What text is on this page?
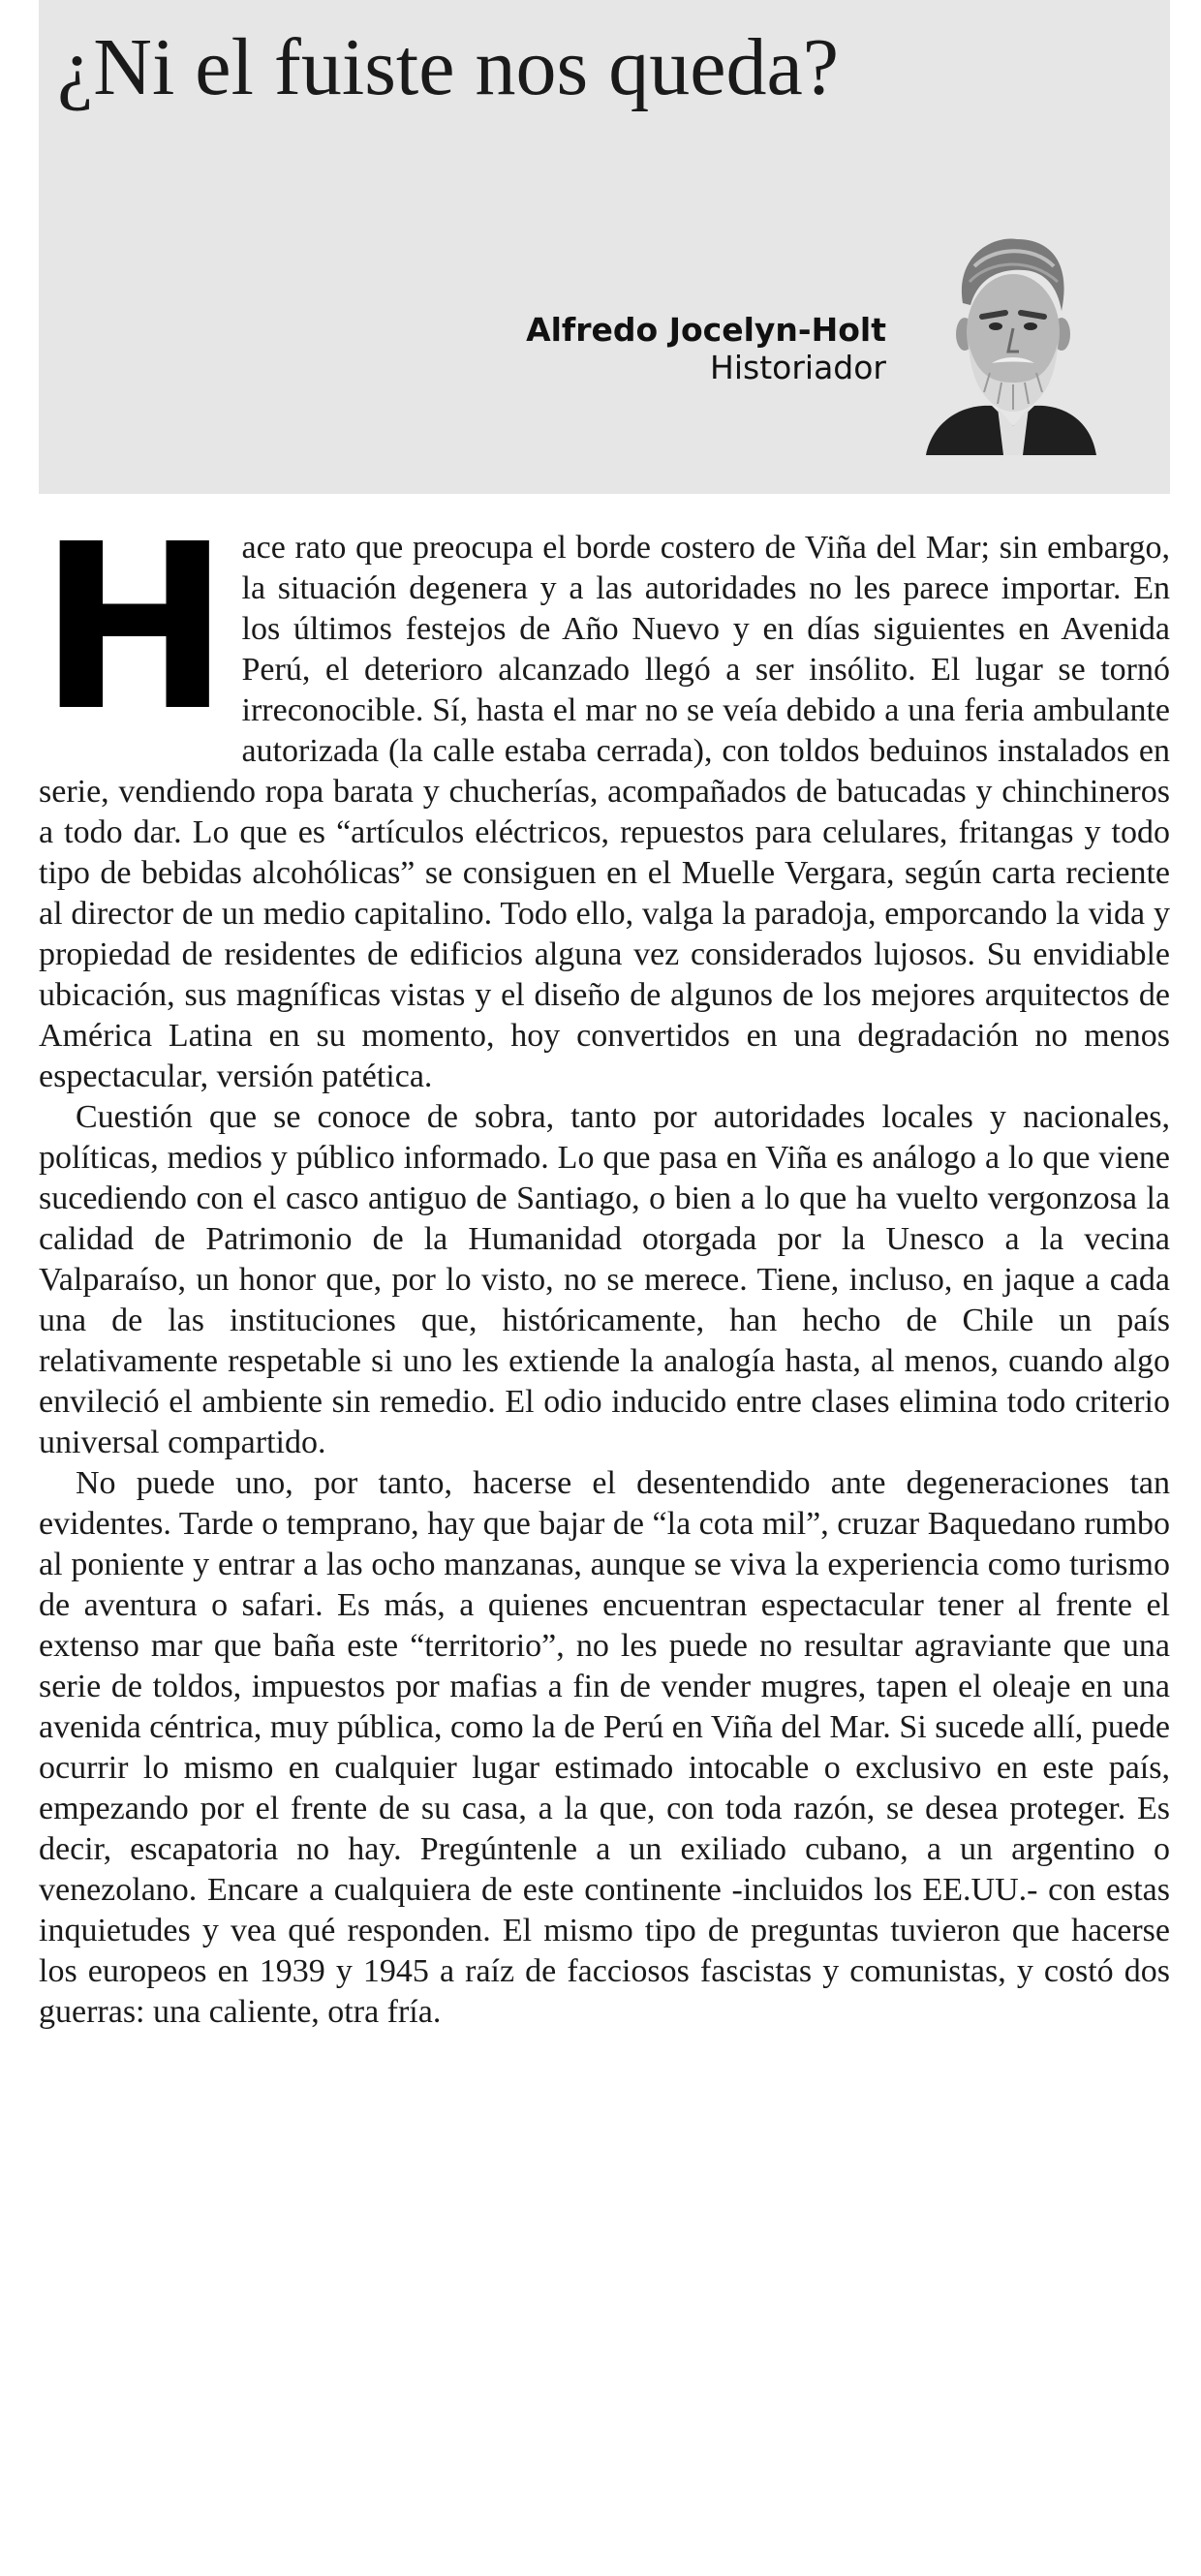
¿Ni el fuiste nos queda?
Alfredo Jocelyn-Holt
Historiador

Hace rato que preocupa el borde costero de Viña del Mar; sin embargo, la situación degenera y a las autoridades no les parece importar. En los últimos festejos de Año Nuevo y en días siguientes en Avenida Perú, el deterioro alcanzado llegó a ser insólito. El lugar se tornó irreconocible. Sí, hasta el mar no se veía debido a una feria ambulante autorizada (la calle estaba cerrada), con toldos beduinos instalados en serie, vendiendo ropa barata y chucherías, acompañados de batucadas y chinchineros a todo dar. Lo que es “artículos eléctricos, repuestos para celulares, fritangas y todo tipo de bebidas alcohólicas” se consiguen en el Muelle Vergara, según carta reciente al director de un medio capitalino. Todo ello, valga la paradoja, emporcando la vida y propiedad de residentes de edificios alguna vez considerados lujosos. Su envidiable ubicación, sus magníficas vistas y el diseño de algunos de los mejores arquitectos de América Latina en su momento, hoy convertidos en una degradación no menos espectacular, versión patética.

Cuestión que se conoce de sobra, tanto por autoridades locales y nacionales, políticas, medios y público informado. Lo que pasa en Viña es análogo a lo que viene sucediendo con el casco antiguo de Santiago, o bien a lo que ha vuelto vergonzosa la calidad de Patrimonio de la Humanidad otorgada por la Unesco a la vecina Valparaíso, un honor que, por lo visto, no se merece. Tiene, incluso, en jaque a cada una de las instituciones que, históricamente, han hecho de Chile un país relativamente respetable si uno les extiende la analogía hasta, al menos, cuando algo envileció el ambiente sin remedio. El odio inducido entre clases elimina todo criterio universal compartido.

No puede uno, por tanto, hacerse el desentendido ante degeneraciones tan evidentes. Tarde o temprano, hay que bajar de “la cota mil”, cruzar Baquedano rumbo al poniente y entrar a las ocho manzanas, aunque se viva la experiencia como turismo de aventura o safari. Es más, a quienes encuentran espectacular tener al frente el extenso mar que baña este “territorio”, no les puede no resultar agraviante que una serie de toldos, impuestos por mafias a fin de vender mugres, tapen el oleaje en una avenida céntrica, muy pública, como la de Perú en Viña del Mar. Si sucede allí, puede ocurrir lo mismo en cualquier lugar estimado intocable o exclusivo en este país, empezando por el frente de su casa, a la que, con toda razón, se desea proteger. Es decir, escapatoria no hay. Pregúntenle a un exiliado cubano, a un argentino o venezolano. Encare a cualquiera de este continente -incluidos los EE.UU.- con estas inquietudes y vea qué responden. El mismo tipo de preguntas tuvieron que hacerse los europeos en 1939 y 1945 a raíz de facciosos fascistas y comunistas, y costó dos guerras: una caliente, otra fría.
